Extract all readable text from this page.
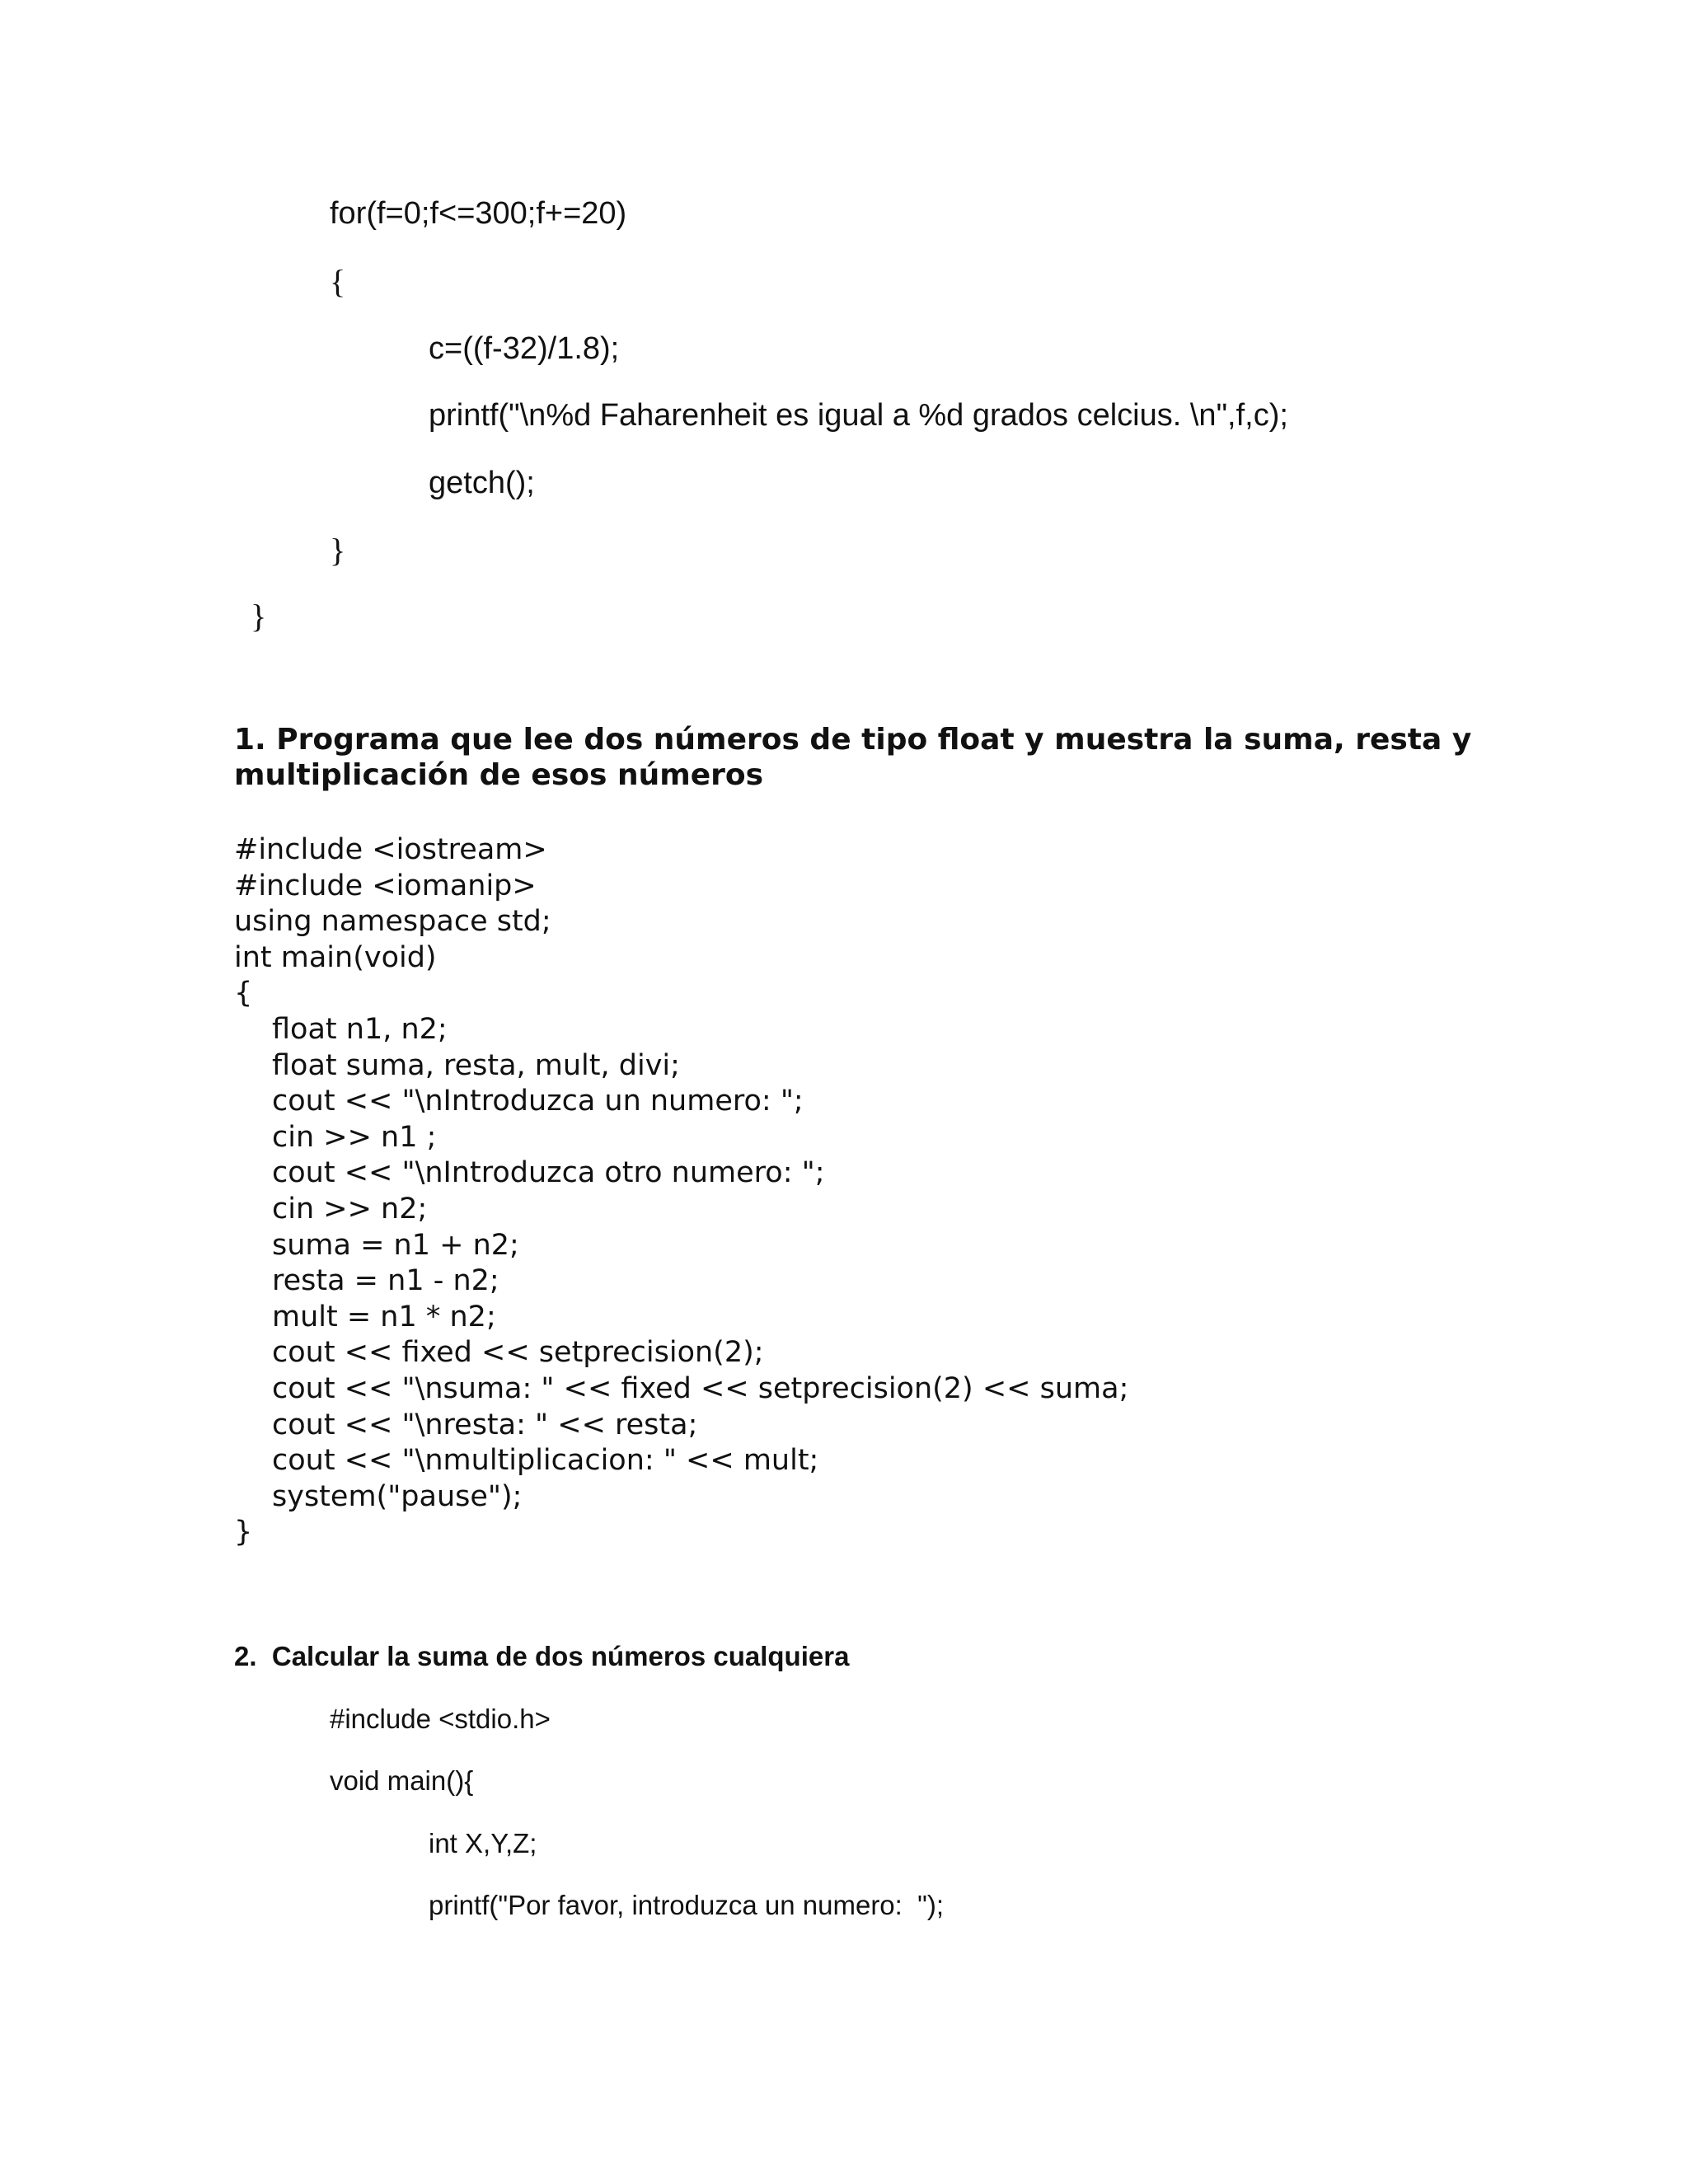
for(f=0;f<=300;f+=20)
{
c=((f-32)/1.8);
printf("\n%d Faharenheit es igual a %d grados celcius. \n",f,c);
getch();
}
}
1. Programa que lee dos números de tipo float y muestra la suma, resta y
multiplicación de esos números
#include <iostream>
#include <iomanip>
using namespace std;
int main(void)
{
float n1, n2;
float suma, resta, mult, divi;
cout << "\nIntroduzca un numero: ";
cin >> n1 ;
cout << "\nIntroduzca otro numero: ";
cin >> n2;
suma = n1 + n2;
resta = n1 - n2;
mult = n1 * n2;
cout << fixed << setprecision(2);
cout << "\nsuma: " << fixed << setprecision(2) << suma;
cout << "\nresta: " << resta;
cout << "\nmultiplicacion: " << mult;
system("pause");
}
2.  Calcular la suma de dos números cualquiera
#include <stdio.h>
void main(){
int X,Y,Z;
printf("Por favor, introduzca un numero:  ");
